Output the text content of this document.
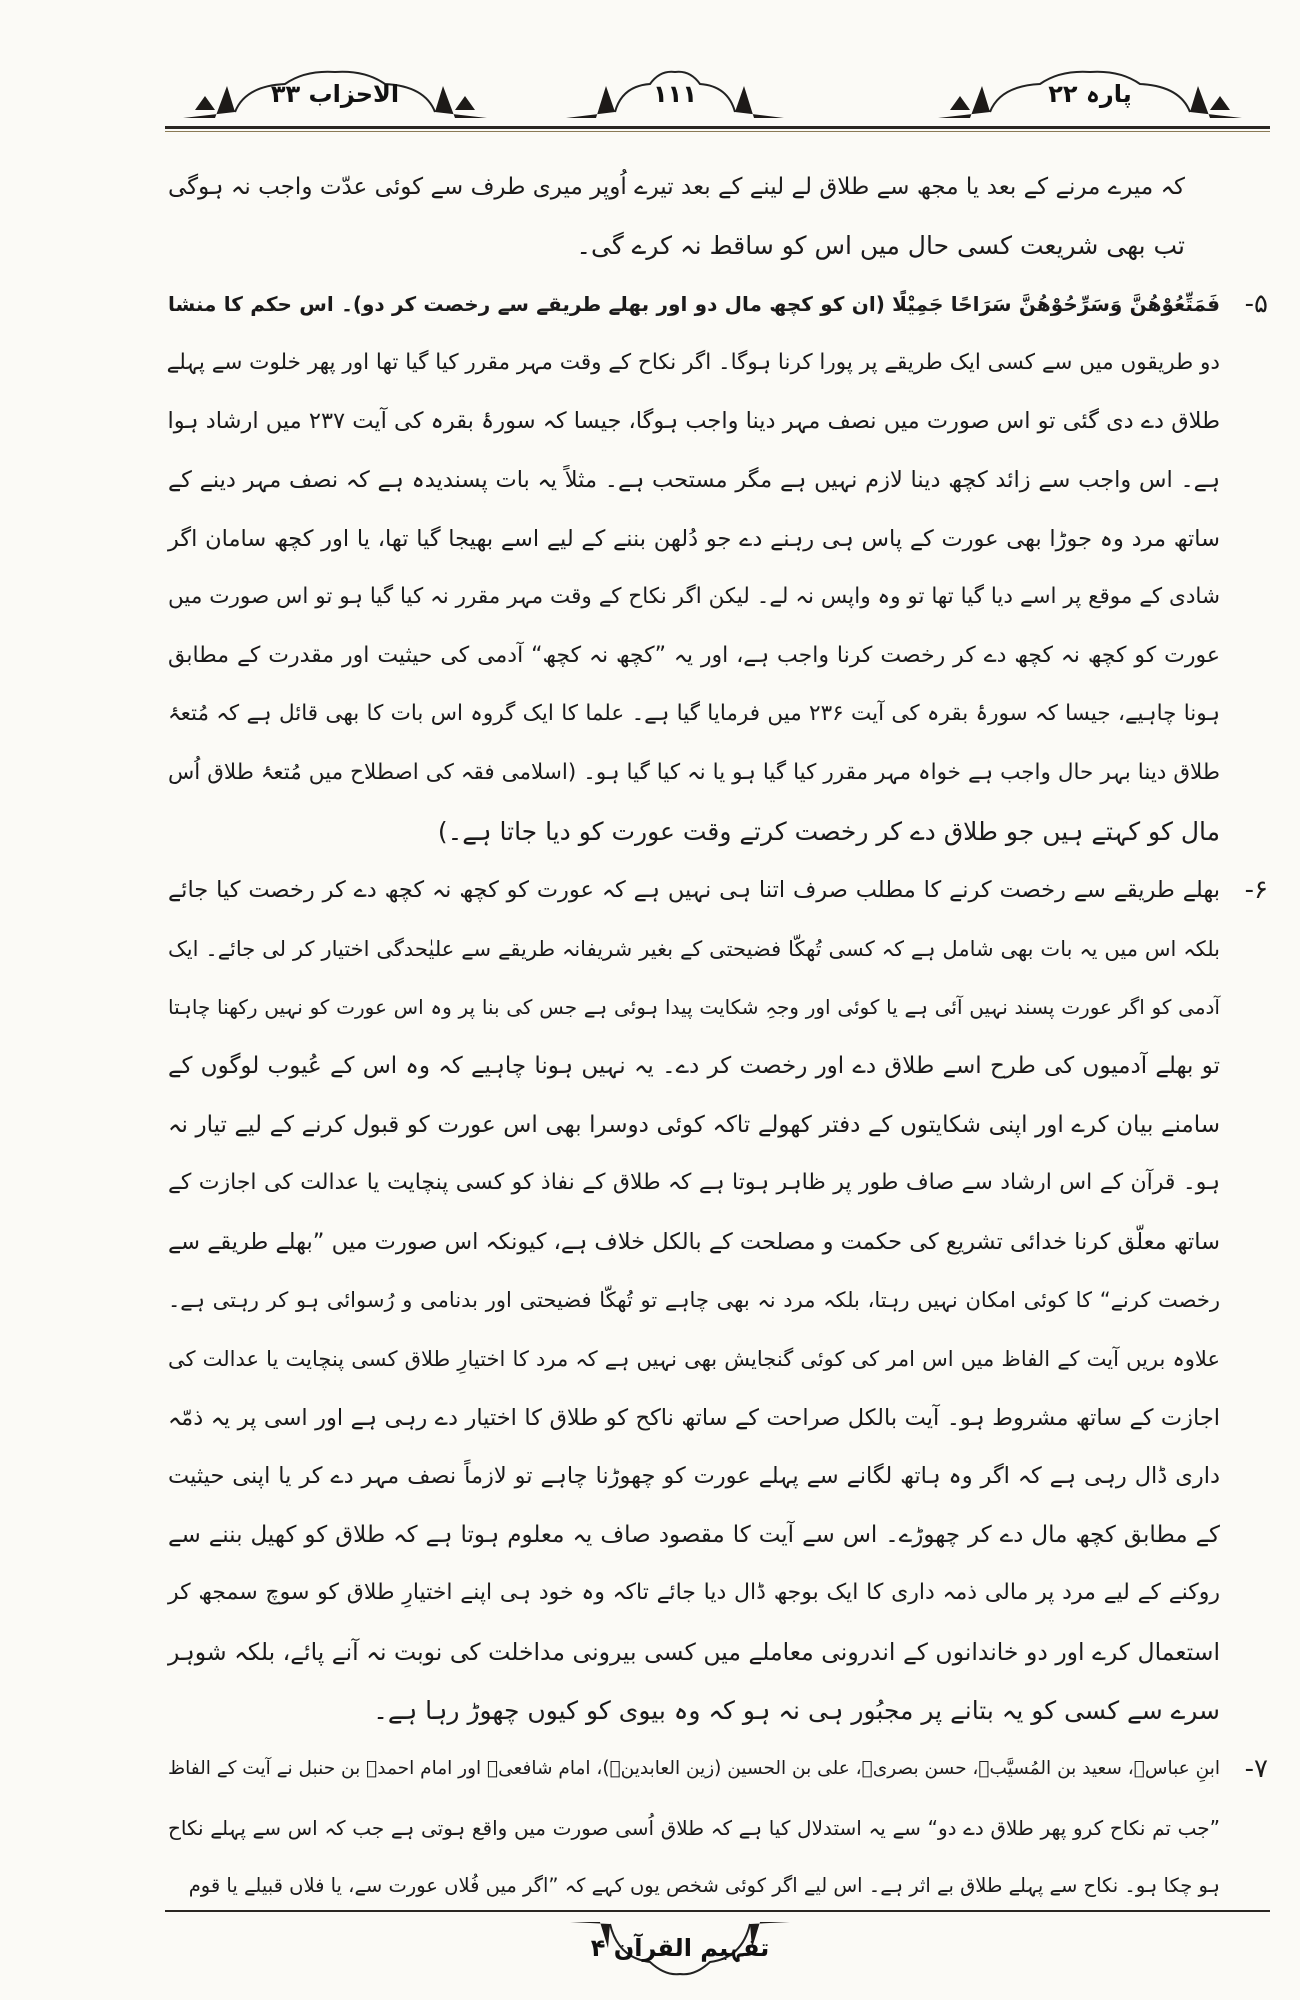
الاحزاب ۳۳	۱۱۱	پارہ ۲۲
کہ میرے مرنے کے بعد یا مجھ سے طلاق لے لینے کے بعد تیرے اُوپر میری طرف سے کوئی عدّت واجب نہ ہوگی
تب بھی شریعت کسی حال میں اس کو ساقط نہ کرے گی۔
فَمَتِّعُوْهُنَّ وَسَرِّحُوْهُنَّ سَرَاحًا جَمِیْلًا (ان کو کچھ مال دو اور بھلے طریقے سے رخصت کر دو)۔ اس حکم کا منشا ۵-
دو طریقوں میں سے کسی ایک طریقے پر پورا کرنا ہوگا۔ اگر نکاح کے وقت مہر مقرر کیا گیا تھا اور پھر خلوت سے پہلے
طلاق دے دی گئی تو اس صورت میں نصف مہر دینا واجب ہوگا، جیسا کہ سورۂ بقرہ کی آیت ۲۳۷ میں ارشاد ہوا
ہے۔ اس واجب سے زائد کچھ دینا لازم نہیں ہے مگر مستحب ہے۔ مثلاً یہ بات پسندیدہ ہے کہ نصف مہر دینے کے
ساتھ مرد وہ جوڑا بھی عورت کے پاس ہی رہنے دے جو دُلھن بننے کے لیے اسے بھیجا گیا تھا، یا اور کچھ سامان اگر
شادی کے موقع پر اسے دیا گیا تھا تو وہ واپس نہ لے۔ لیکن اگر نکاح کے وقت مہر مقرر نہ کیا گیا ہو تو اس صورت میں
عورت کو کچھ نہ کچھ دے کر رخصت کرنا واجب ہے، اور یہ ”کچھ نہ کچھ“ آدمی کی حیثیت اور مقدرت کے مطابق
ہونا چاہیے، جیسا کہ سورۂ بقرہ کی آیت ۲۳۶ میں فرمایا گیا ہے۔ علما کا ایک گروہ اس بات کا بھی قائل ہے کہ مُتعۂ
طلاق دینا بہر حال واجب ہے خواہ مہر مقرر کیا گیا ہو یا نہ کیا گیا ہو۔ (اسلامی فقہ کی اصطلاح میں مُتعۂ طلاق اُس
مال کو کہتے ہیں جو طلاق دے کر رخصت کرتے وقت عورت کو دیا جاتا ہے۔)
بھلے طریقے سے رخصت کرنے کا مطلب صرف اتنا ہی نہیں ہے کہ عورت کو کچھ نہ کچھ دے کر رخصت کیا جائے ۶-
بلکہ اس میں یہ بات بھی شامل ہے کہ کسی تُھکّا فضیحتی کے بغیر شریفانہ طریقے سے علیٰحدگی اختیار کر لی جائے۔ ایک
آدمی کو اگر عورت پسند نہیں آئی ہے یا کوئی اور وجہِ شکایت پیدا ہوئی ہے جس کی بنا پر وہ اس عورت کو نہیں رکھنا چاہتا
تو بھلے آدمیوں کی طرح اسے طلاق دے اور رخصت کر دے۔ یہ نہیں ہونا چاہیے کہ وہ اس کے عُیوب لوگوں کے
سامنے بیان کرے اور اپنی شکایتوں کے دفتر کھولے تاکہ کوئی دوسرا بھی اس عورت کو قبول کرنے کے لیے تیار نہ
ہو۔ قرآن کے اس ارشاد سے صاف طور پر ظاہر ہوتا ہے کہ طلاق کے نفاذ کو کسی پنچایت یا عدالت کی اجازت کے
ساتھ معلّق کرنا خدائی تشریع کی حکمت و مصلحت کے بالکل خلاف ہے، کیونکہ اس صورت میں ”بھلے طریقے سے
رخصت کرنے“ کا کوئی امکان نہیں رہتا، بلکہ مرد نہ بھی چاہے تو تُھکّا فضیحتی اور بدنامی و رُسوائی ہو کر رہتی ہے۔
علاوہ بریں آیت کے الفاظ میں اس امر کی کوئی گنجایش بھی نہیں ہے کہ مرد کا اختیارِ طلاق کسی پنچایت یا عدالت کی
اجازت کے ساتھ مشروط ہو۔ آیت بالکل صراحت کے ساتھ ناکح کو طلاق کا اختیار دے رہی ہے اور اسی پر یہ ذمّہ
داری ڈال رہی ہے کہ اگر وہ ہاتھ لگانے سے پہلے عورت کو چھوڑنا چاہے تو لازماً نصف مہر دے کر یا اپنی حیثیت
کے مطابق کچھ مال دے کر چھوڑے۔ اس سے آیت کا مقصود صاف یہ معلوم ہوتا ہے کہ طلاق کو کھیل بننے سے
روکنے کے لیے مرد پر مالی ذمہ داری کا ایک بوجھ ڈال دیا جائے تاکہ وہ خود ہی اپنے اختیارِ طلاق کو سوچ سمجھ کر
استعمال کرے اور دو خاندانوں کے اندرونی معاملے میں کسی بیرونی مداخلت کی نوبت نہ آنے پائے، بلکہ شوہر
سرے سے کسی کو یہ بتانے پر مجبُور ہی نہ ہو کہ وہ بیوی کو کیوں چھوڑ رہا ہے۔
ابنِ عباسؓ، سعید بن المُسیَّبؒ، حسن بصریؒ، علی بن الحسین (زین العابدینؒ)، امام شافعیؒ اور امام احمدؒ بن حنبل نے آیت کے الفاظ ۷-
”جب تم نکاح کرو پھر طلاق دے دو“ سے یہ استدلال کیا ہے کہ طلاق اُسی صورت میں واقع ہوتی ہے جب کہ اس سے پہلے نکاح
ہو چکا ہو۔ نکاح سے پہلے طلاق بے اثر ہے۔ اس لیے اگر کوئی شخص یوں کہے کہ ”اگر میں فُلاں عورت سے، یا فلاں قبیلے یا قوم
تفہیم القرآن ۴
